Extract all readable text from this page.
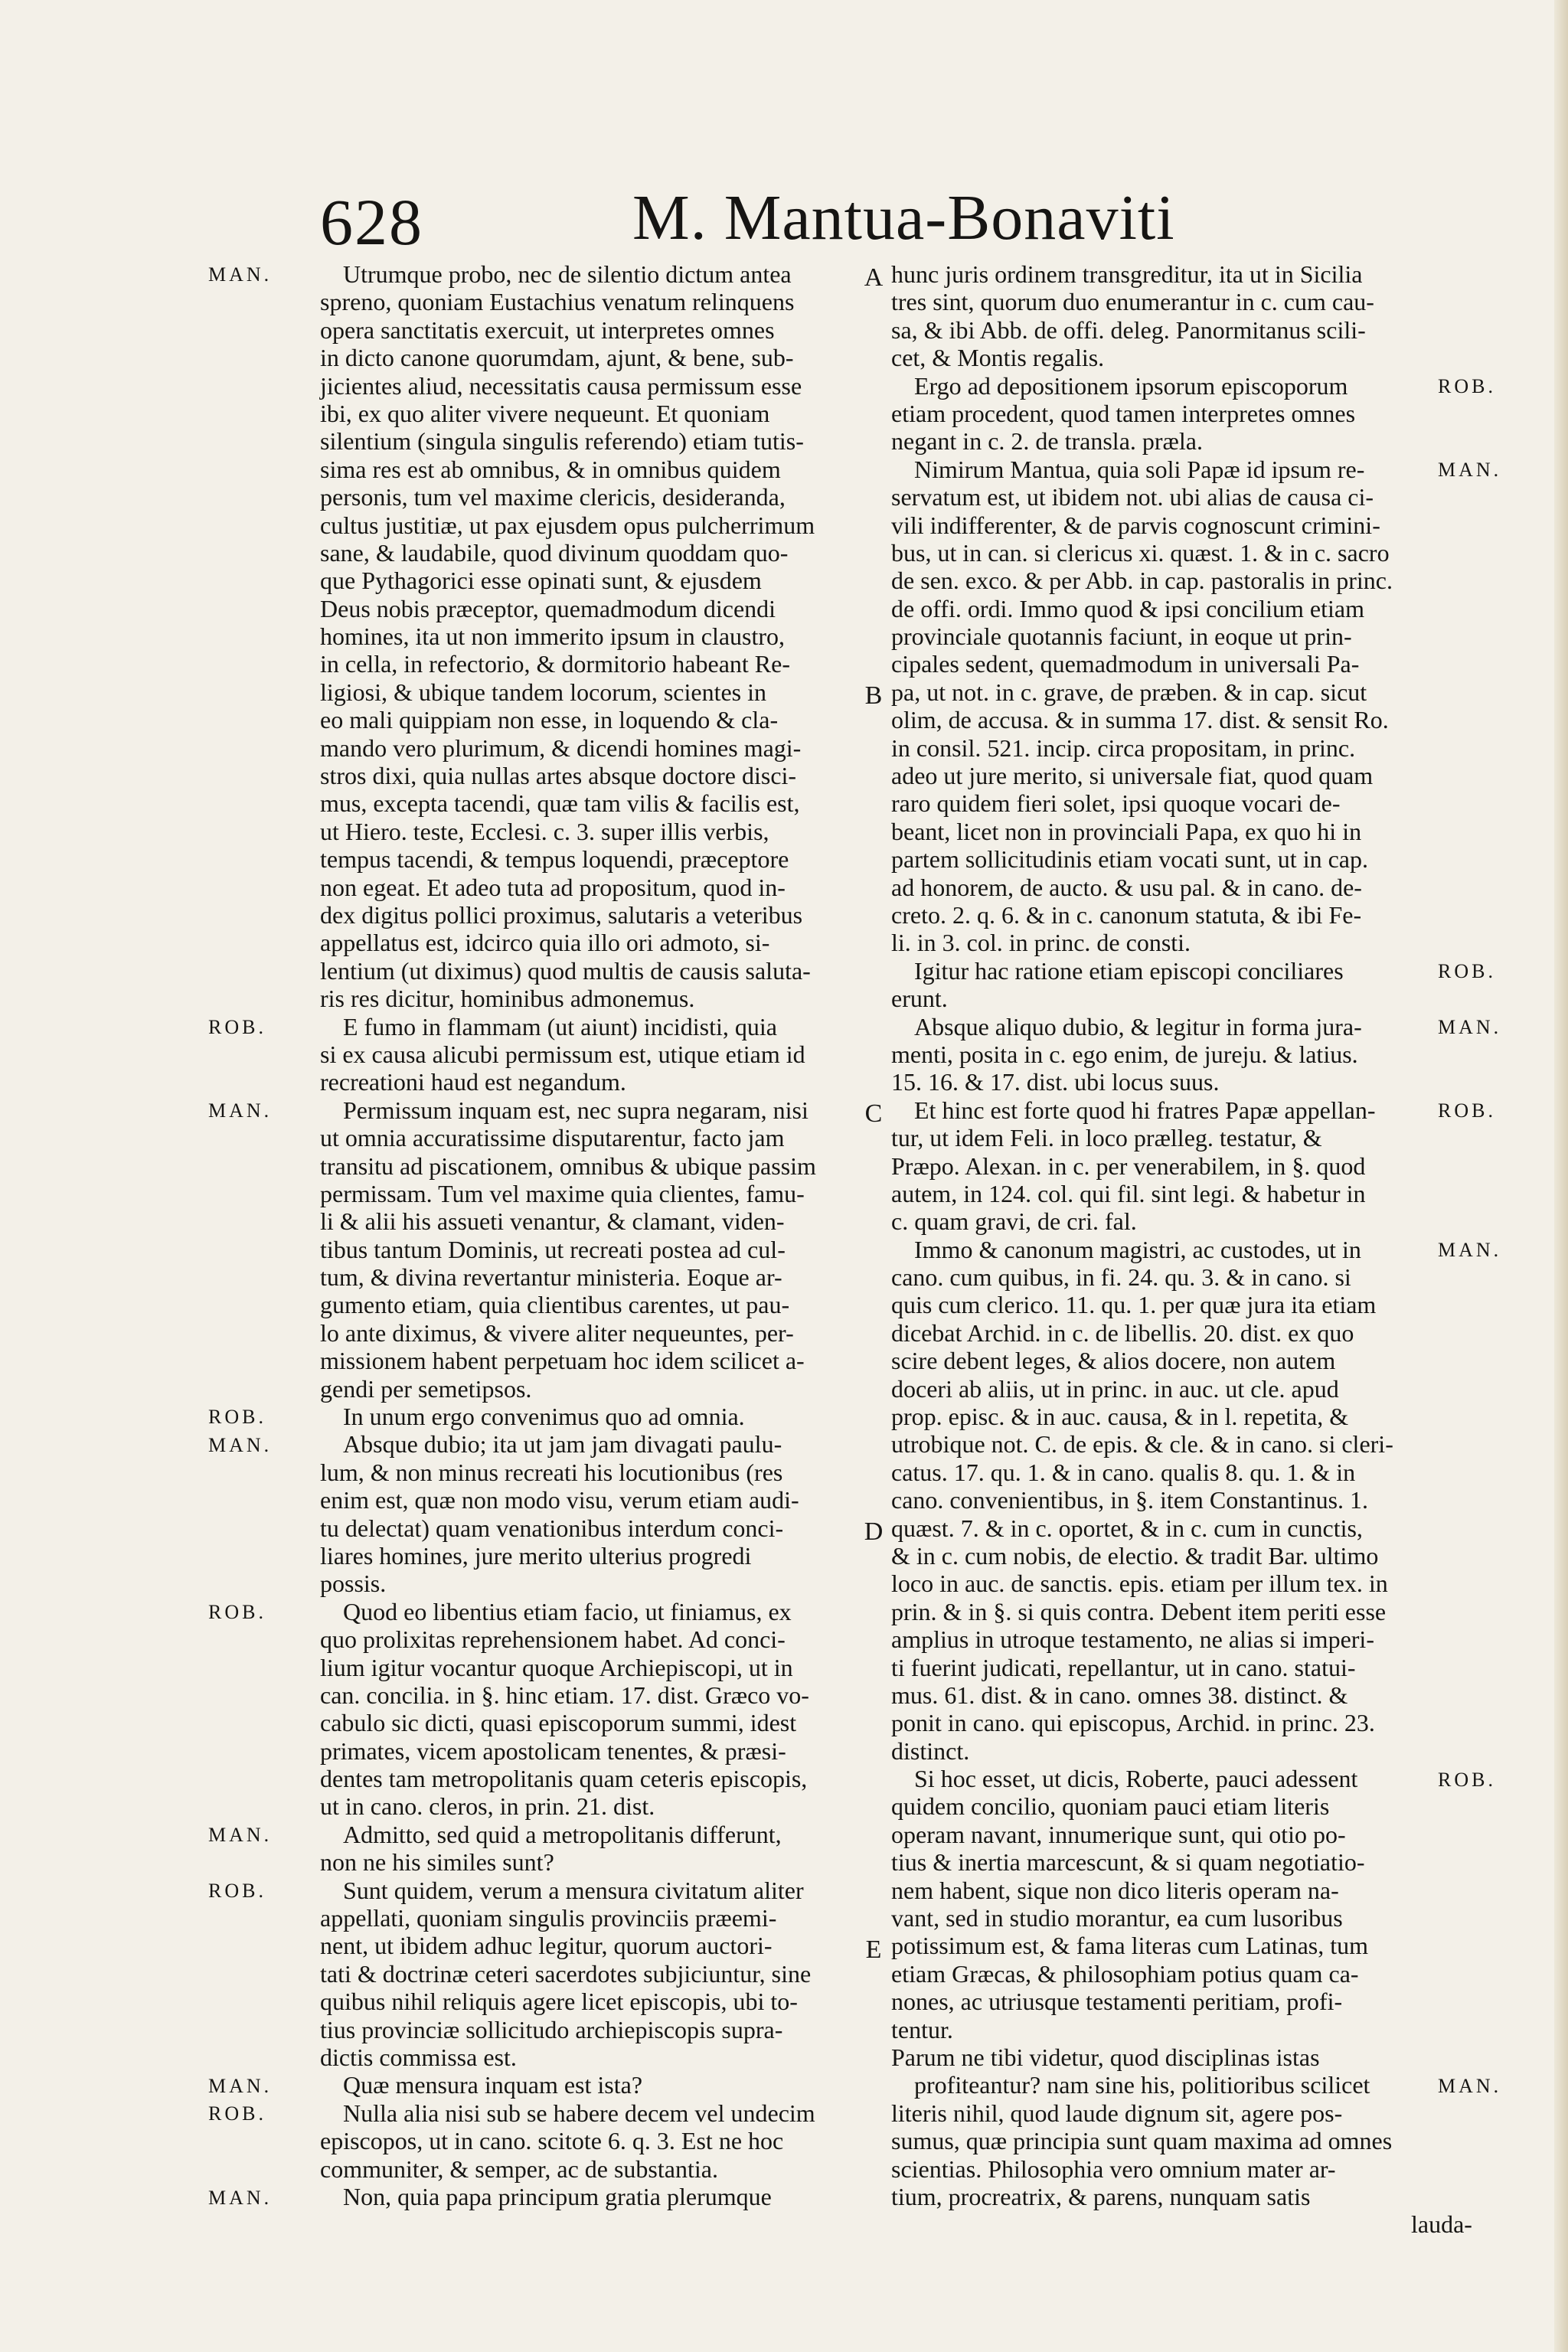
628	M. Mantua-Bonaviti
Utrumque probo, nec de silentio dictum antea
spreno, quoniam Eustachius venatum relinquens
opera sanctitatis exercuit, ut interpretes omnes
in dicto canone quorumdam, ajunt, & bene, sub-
jicientes aliud, necessitatis causa permissum esse
ibi, ex quo aliter vivere nequeunt. Et quoniam
silentium (singula singulis referendo) etiam tutis-
sima res est ab omnibus, & in omnibus quidem
personis, tum vel maxime clericis, desideranda,
cultus justitiæ, ut pax ejusdem opus pulcherrimum
sane, & laudabile, quod divinum quoddam quo-
que Pythagorici esse opinati sunt, & ejusdem
Deus nobis præceptor, quemadmodum dicendi
homines, ita ut non immerito ipsum in claustro,
in cella, in refectorio, & dormitorio habeant Re-
ligiosi, & ubique tandem locorum, scientes in
eo mali quippiam non esse, in loquendo & cla-
mando vero plurimum, & dicendi homines magi-
stros dixi, quia nullas artes absque doctore disci-
mus, excepta tacendi, quæ tam vilis & facilis est,
ut Hiero. teste, Ecclesi. c. 3. super illis verbis,
tempus tacendi, & tempus loquendi, præceptore
non egeat. Et adeo tuta ad propositum, quod in-
dex digitus pollici proximus, salutaris a veteribus
appellatus est, idcirco quia illo ori admoto, si-
lentium (ut diximus) quod multis de causis saluta-
ris res dicitur, hominibus admonemus.
E fumo in flammam (ut aiunt) incidisti, quia
si ex causa alicubi permissum est, utique etiam id
recreationi haud est negandum.
Permissum inquam est, nec supra negaram, nisi
ut omnia accuratissime disputarentur, facto jam
transitu ad piscationem, omnibus & ubique passim
permissam. Tum vel maxime quia clientes, famu-
li & alii his assueti venantur, & clamant, viden-
tibus tantum Dominis, ut recreati postea ad cul-
tum, & divina revertantur ministeria. Eoque ar-
gumento etiam, quia clientibus carentes, ut pau-
lo ante diximus, & vivere aliter nequeuntes, per-
missionem habent perpetuam hoc idem scilicet a-
gendi per semetipsos.
In unum ergo convenimus quo ad omnia.
Absque dubio; ita ut jam jam divagati paulu-
lum, & non minus recreati his locutionibus (res
enim est, quæ non modo visu, verum etiam audi-
tu delectat) quam venationibus interdum conci-
liares homines, jure merito ulterius progredi
possis.
Quod eo libentius etiam facio, ut finiamus, ex
quo prolixitas reprehensionem habet. Ad conci-
lium igitur vocantur quoque Archiepiscopi, ut in
can. concilia. in §. hinc etiam. 17. dist. Græco vo-
cabulo sic dicti, quasi episcoporum summi, idest
primates, vicem apostolicam tenentes, & præsi-
dentes tam metropolitanis quam ceteris episcopis,
ut in cano. cleros, in prin. 21. dist.
Admitto, sed quid a metropolitanis differunt,
non ne his similes sunt?
Sunt quidem, verum a mensura civitatum aliter
appellati, quoniam singulis provinciis præemi-
nent, ut ibidem adhuc legitur, quorum auctori-
tati & doctrinæ ceteri sacerdotes subjiciuntur, sine
quibus nihil reliquis agere licet episcopis, ubi to-
tius provinciæ sollicitudo archiepiscopis supra-
dictis commissa est.
Quæ mensura inquam est ista?
Nulla alia nisi sub se habere decem vel undecim
episcopos, ut in cano. scitote 6. q. 3. Est ne hoc
communiter, & semper, ac de substantia.
Non, quia papa principum gratia plerumque
hunc juris ordinem transgreditur, ita ut in Sicilia
tres sint, quorum duo enumerantur in c. cum cau-
sa, & ibi Abb. de offi. deleg. Panormitanus scili-
cet, & Montis regalis.
Ergo ad depositionem ipsorum episcoporum
etiam procedent, quod tamen interpretes omnes
negant in c. 2. de transla. præla.
Nimirum Mantua, quia soli Papæ id ipsum re-
servatum est, ut ibidem not. ubi alias de causa ci-
vili indifferenter, & de parvis cognoscunt crimini-
bus, ut in can. si clericus xi. quæst. 1. & in c. sacro
de sen. exco. & per Abb. in cap. pastoralis in princ.
de offi. ordi. Immo quod & ipsi concilium etiam
provinciale quotannis faciunt, in eoque ut prin-
cipales sedent, quemadmodum in universali Pa-
pa, ut not. in c. grave, de præben. & in cap. sicut
olim, de accusa. & in summa 17. dist. & sensit Ro.
in consil. 521. incip. circa propositam, in princ.
adeo ut jure merito, si universale fiat, quod quam
raro quidem fieri solet, ipsi quoque vocari de-
beant, licet non in provinciali Papa, ex quo hi in
partem sollicitudinis etiam vocati sunt, ut in cap.
ad honorem, de aucto. & usu pal. & in cano. de-
creto. 2. q. 6. & in c. canonum statuta, & ibi Fe-
li. in 3. col. in princ. de consti.
Igitur hac ratione etiam episcopi conciliares
erunt.
Absque aliquo dubio, & legitur in forma jura-
menti, posita in c. ego enim, de jureju. & latius.
15. 16. & 17. dist. ubi locus suus.
Et hinc est forte quod hi fratres Papæ appellan-
tur, ut idem Feli. in loco prælleg. testatur, &
Præpo. Alexan. in c. per venerabilem, in §. quod
autem, in 124. col. qui fil. sint legi. & habetur in
c. quam gravi, de cri. fal.
Immo & canonum magistri, ac custodes, ut in
cano. cum quibus, in fi. 24. qu. 3. & in cano. si
quis cum clerico. 11. qu. 1. per quæ jura ita etiam
dicebat Archid. in c. de libellis. 20. dist. ex quo
scire debent leges, & alios docere, non autem
doceri ab aliis, ut in princ. in auc. ut cle. apud
prop. episc. & in auc. causa, & in l. repetita, &
utrobique not. C. de epis. & cle. & in cano. si cleri-
catus. 17. qu. 1. & in cano. qualis 8. qu. 1. & in
cano. convenientibus, in §. item Constantinus. 1.
quæst. 7. & in c. oportet, & in c. cum in cunctis,
& in c. cum nobis, de electio. & tradit Bar. ultimo
loco in auc. de sanctis. epis. etiam per illum tex. in
prin. & in §. si quis contra. Debent item periti esse
amplius in utroque testamento, ne alias si imperi-
ti fuerint judicati, repellantur, ut in cano. statui-
mus. 61. dist. & in cano. omnes 38. distinct. &
ponit in cano. qui episcopus, Archid. in princ. 23.
distinct.
Si hoc esset, ut dicis, Roberte, pauci adessent
quidem concilio, quoniam pauci etiam literis
operam navant, innumerique sunt, qui otio po-
tius & inertia marcescunt, & si quam negotiatio-
nem habent, sique non dico literis operam na-
vant, sed in studio morantur, ea cum lusoribus
potissimum est, & fama literas cum Latinas, tum
etiam Græcas, & philosophiam potius quam ca-
nones, ac utriusque testamenti peritiam, profi-
tentur.
Parum ne tibi videtur, quod disciplinas istas
profiteantur? nam sine his, politioribus scilicet
literis nihil, quod laude dignum sit, agere pos-
sumus, quæ principia sunt quam maxima ad omnes
scientias. Philosophia vero omnium mater ar-
tium, procreatrix, & parens, nunquam satis
lauda-
MAN.
ROB.
MAN.
ROB.
MAN.
ROB.
MAN.
ROB.
MAN.
ROB.
MAN.
ROB.
MAN.
ROB.
MAN.
ROB.
MAN.
ROB.
MAN.
A
B
C
D
E
